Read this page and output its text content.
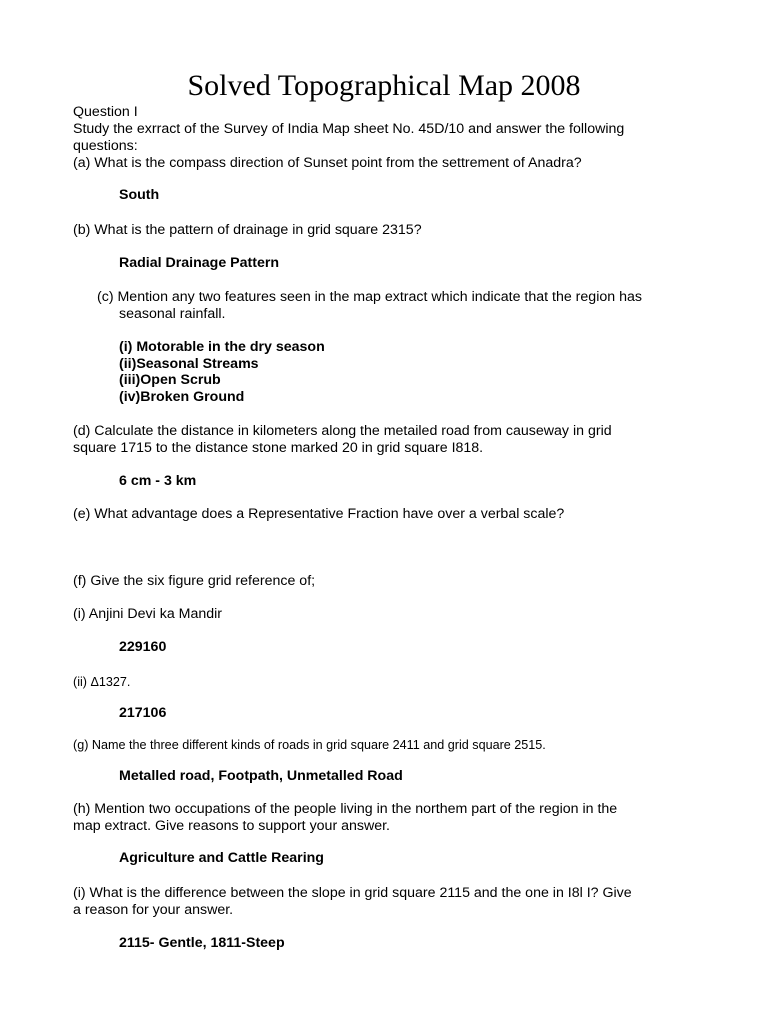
Solved Topographical Map 2008
Question I
Study the exrract of the Survey of India Map sheet No. 45D/10 and answer the following
questions:
(a) What is the compass direction of Sunset point from the settrement of Anadra?
South
(b) What is the pattern of drainage in grid square 2315?
Radial Drainage Pattern
(c) Mention any two features seen in the map extract which indicate that the region has
seasonal rainfall.
(i) Motorable in the dry season
(ii)Seasonal Streams
(iii)Open Scrub
(iv)Broken Ground
(d) Calculate the distance in kilometers along the metailed road from causeway in grid
square 1715 to the distance stone marked 20 in grid square I818.
6 cm - 3 km
(e) What advantage does a Representative Fraction have over a verbal scale?
(f) Give the six figure grid reference of;
(i) Anjini Devi ka Mandir
229160
(ii) Δ1327.
217106
(g) Name the three different kinds of roads in grid square 2411 and grid square 2515.
Metalled road, Footpath, Unmetalled Road
(h) Mention two occupations of the people living in the northem part of the region in the
map extract. Give reasons to support your answer.
Agriculture and Cattle Rearing
(i) What is the difference between the slope in grid square 2115 and the one in I8l I? Give
a reason for your answer.
2115- Gentle, 1811-Steep
